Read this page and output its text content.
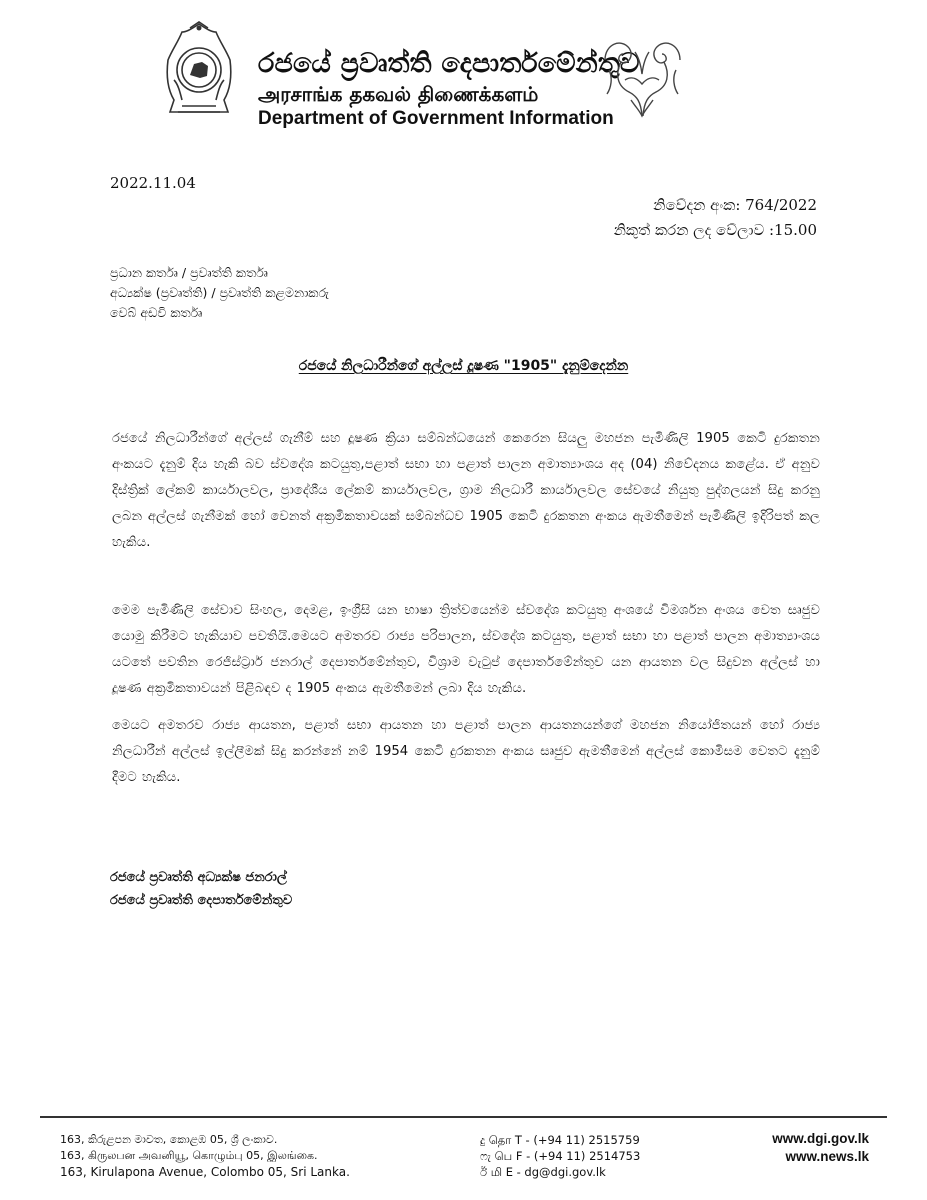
රජයේ ප්‍රවෘත්ති දෙපාර්තමේන්තුව
அரசாங்க தகவல் திணைக்களம்
Department of Government Information
2022.11.04
නිවේදන අංක: 764/2022
නිකුත් කරන ලද වේලාව :15.00
ප්‍රධාන කර්තෘ / ප්‍රවෘත්ති කර්තෘ
අධ්‍යක්ෂ (ප්‍රවෘත්ති) / ප්‍රවෘත්ති කළමනාකරු
වෙබ් අඩවි කර්තෘ
රජයේ නිලධාරීන්ගේ අල්ලස් දූෂණ "1905" දැනුම්දෙන්න
රජයේ නිලධාරීන්ගේ අල්ලස් ගැනීම් සහ දූෂණ ක්‍රියා සම්බන්ධයෙන් කෙරෙන සියලු මහජන පැමිණිලි 1905 කෙටි දුරකතන අංකයට දැනුම් දිය හැකි බව ස්වදේශ කටයුතු,පළාත් සභා හා පළාත් පාලන අමාත්‍යාංශය අද (04) නිවේදනය කළේය. ඒ අනුව දිස්ත්‍රික් ලේකම් කාර්යාලවල, ප්‍රාදේශීය ලේකම් කාර්යාලවල, ග්‍රාම නිලධාරී කාර්යාලවල සේවයේ නියුතු පුද්ගලයන් සිදු කරනු ලබන අල්ලස් ගැනීමක් හෝ වෙනත් අක්‍රමිකතාවයක් සම්බන්ධව 1905 කෙටි දුරකතන අංකය ඇමතීමෙන් පැමිණිලි ඉදිරිපත් කල හැකිය.
මෙම පැමිණිලි සේවාව සිංහල, දෙමළ, ඉංග්‍රීසි යන භාෂා ත්‍රිත්වයෙන්ම ස්වදේශ කටයුතු අංශයේ විමර්ශන අංශය වෙත සෘජුව යොමු කිරීමට හැකියාව පවතියි.මෙයට අමතරව රාජ්‍ය පරිපාලන, ස්වදේශ කටයුතු, පළාත් සභා හා පළාත් පාලන අමාත්‍යාංශය යටතේ පවතින රෙජිස්ට්‍රාර් ජනරාල් දෙපාර්තමේන්තුව, විශ්‍රාම වැටුප් දෙපාර්තමේන්තුව යන ආයතන වල සිදුවන අල්ලස් හා දූෂණ අක්‍රමිකතාවයන් පිළිබඳව ද 1905 අංකය ඇමතීමෙන් ලබා දිය හැකිය.
මෙයට අමතරව රාජ්‍ය ආයතන, පළාත් සභා ආයතන හා පළාත් පාලන ආයතනයන්ගේ මහජන නියෝජිතයන් හෝ රාජ්‍ය නිලධාරීන් අල්ලස් ඉල්ලීමක් සිදු කරන්නේ නම් 1954 කෙටි දුරකතන අංකය සෘජුව ඇමතීමෙන් අල්ලස් කොමිසම වෙතට දැනුම් දීමට හැකිය.
රජයේ ප්‍රවෘත්ති අධ්‍යක්ෂ ජනරාල්
රජයේ ප්‍රවෘත්ති දෙපාර්තමේන්තුව
163, කිරුළපන මාවත, කොළඹ 05, ශ්‍රී ලංකාව.
163, கிருலபன அவனியூ, கொழும்பு 05, இலங்கை.
163, Kirulapona Avenue, Colombo 05, Sri Lanka.
දු தொ T - (+94 11) 2515759
ෆැ பெ F - (+94 11) 2514753
ඊ மி E - dg@dgi.gov.lk
www.dgi.gov.lk
www.news.lk
